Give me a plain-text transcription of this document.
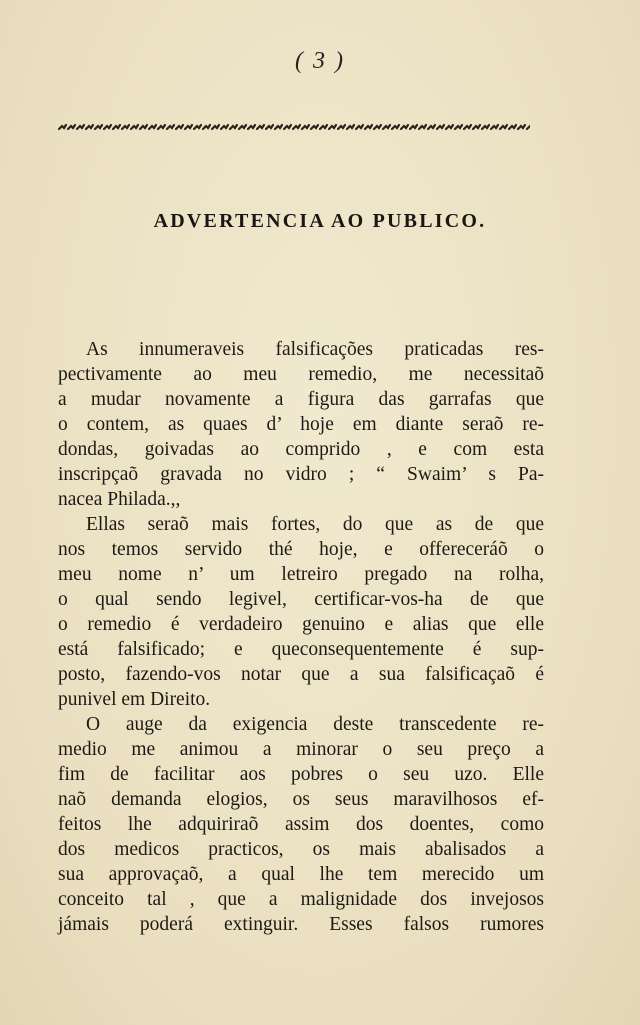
( 3 )
ADVERTENCIA AO PUBLICO.
As innumeraveis falsificações praticadas res-
pectivamente ao meu remedio, me necessitaõ
a mudar novamente a figura das garrafas que
o contem, as quaes d’ hoje em diante seraõ re-
dondas, goivadas ao comprido , e com esta
inscripçaõ gravada no vidro ; “ Swaim’ s Pa-
nacea Philada.,,
Ellas seraõ mais fortes, do que as de que
nos temos servido thé hoje, e offereceráõ o
meu nome n’ um letreiro pregado na rolha,
o qual sendo legivel, certificar-vos-ha de que
o remedio é verdadeiro genuino e alias que elle
está falsificado; e queconsequentemente é sup-
posto, fazendo-vos notar que a sua falsificaçaõ é
punivel em Direito.
O auge da exigencia deste transcedente re-
medio me animou a minorar o seu preço a
fim de facilitar aos pobres o seu uzo. Elle
naõ demanda elogios, os seus maravilhosos ef-
feitos lhe adquiriraõ assim dos doentes, como
dos medicos practicos, os mais abalisados a
sua approvaçaõ, a qual lhe tem merecido um
conceito tal , que a malignidade dos invejosos
jámais poderá extinguir. Esses falsos rumores
